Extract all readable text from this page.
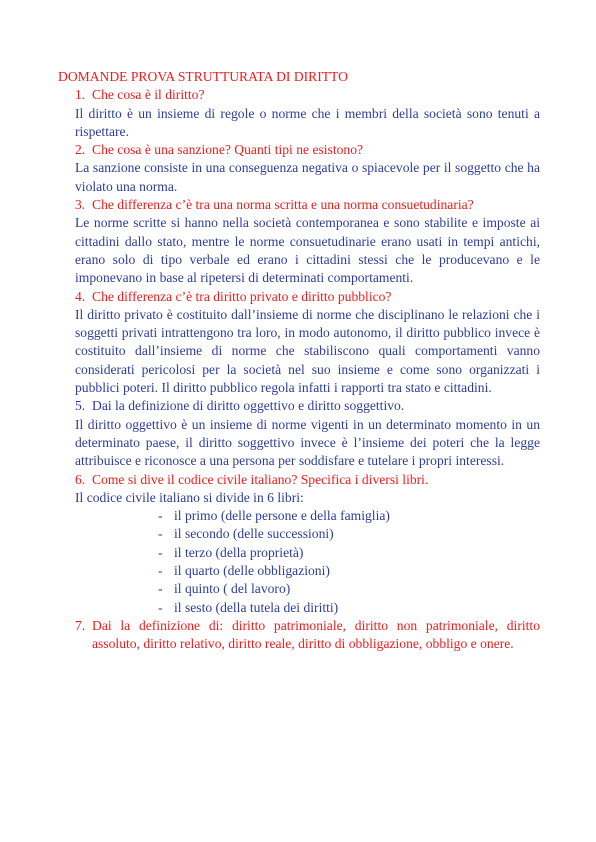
DOMANDE PROVA STRUTTURATA DI DIRITTO
1. Che cosa è il diritto?
Il diritto è un insieme di regole o norme che i membri della società sono tenuti a rispettare.
2. Che cosa è una sanzione? Quanti tipi ne esistono?
La sanzione consiste in una conseguenza negativa o spiacevole per il soggetto che ha violato una norma.
3. Che differenza c’è tra una norma scritta e una norma consuetudinaria?
Le norme scritte si hanno nella società contemporanea e sono stabilite e imposte ai cittadini dallo stato, mentre le norme consuetudinarie erano usati in tempi antichi, erano solo di tipo verbale ed erano i cittadini stessi che le producevano e le imponevano in base al ripetersi di determinati comportamenti.
4. Che differenza c’è tra diritto privato e diritto pubblico?
Il diritto privato è costituito dall’insieme di norme che disciplinano le relazioni che i soggetti privati intrattengono tra loro, in modo autonomo, il diritto pubblico invece è costituito dall’insieme di norme che stabiliscono quali comportamenti vanno considerati pericolosi per la società nel suo insieme e come sono organizzati i pubblici poteri. Il diritto pubblico regola infatti i rapporti tra stato e cittadini.
5. Dai la definizione di diritto oggettivo e diritto soggettivo.
Il diritto oggettivo è un insieme di norme vigenti in un determinato momento in un determinato paese, il diritto soggettivo invece è l’insieme dei poteri che la legge attribuisce e riconosce a una persona per soddisfare e tutelare i propri interessi.
6. Come si dive il codice civile italiano? Specifica i diversi libri.
Il codice civile italiano si divide in 6 libri:
- il primo (delle persone e della famiglia)
- il secondo (delle successioni)
- il terzo (della proprietà)
- il quarto (delle obbligazioni)
- il quinto ( del lavoro)
- il sesto (della tutela dei diritti)
7. Dai la definizione di: diritto patrimoniale, diritto non patrimoniale, diritto assoluto, diritto relativo, diritto reale, diritto di obbligazione, obbligo e onere.
